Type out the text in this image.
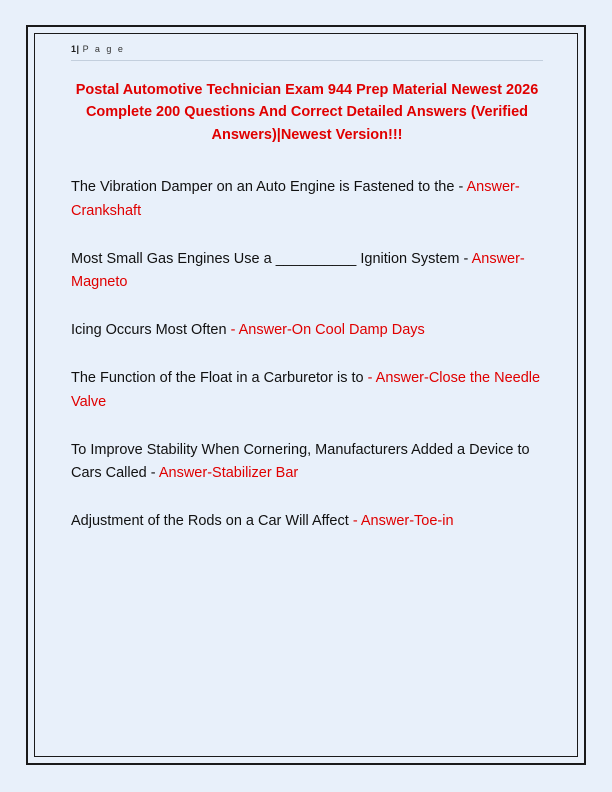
1| P a g e
Postal Automotive Technician Exam 944 Prep Material Newest 2026 Complete 200 Questions And Correct Detailed Answers (Verified Answers)|Newest Version!!!
The Vibration Damper on an Auto Engine is Fastened to the - Answer-Crankshaft
Most Small Gas Engines Use a __________ Ignition System - Answer-Magneto
Icing Occurs Most Often - Answer-On Cool Damp Days
The Function of the Float in a Carburetor is to - Answer-Close the Needle Valve
To Improve Stability When Cornering, Manufacturers Added a Device to Cars Called - Answer-Stabilizer Bar
Adjustment of the Rods on a Car Will Affect - Answer-Toe-in
